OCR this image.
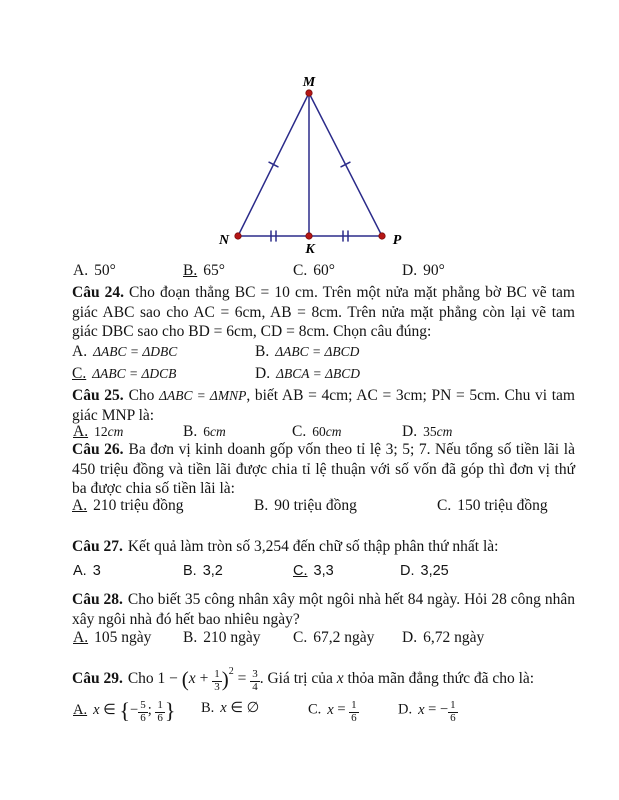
M
N
K
P
A. 50°	B. 65°	C. 60°	D. 90°
Câu 24. Cho đoạn thẳng BC = 10 cm. Trên một nửa mặt phẳng bờ BC vẽ tam giác ABC sao cho AC = 6cm, AB = 8cm. Trên nửa mặt phẳng còn lại vẽ tam giác DBC sao cho BD = 6cm, CD = 8cm. Chọn câu đúng:
A. ΔABC = ΔDBC	B. ΔABC = ΔBCD
C. ΔABC = ΔDCB	D. ΔBCA = ΔBCD
Câu 25. Cho ΔABC = ΔMNP, biết AB = 4cm; AC = 3cm; PN = 5cm. Chu vi tam giác MNP là:
A. 12cm	B. 6cm	C. 60cm	D. 35cm
Câu 26. Ba đơn vị kinh doanh gốp vốn theo tỉ lệ 3; 5; 7. Nếu tổng số tiền lãi là 450 triệu đồng và tiền lãi được chia tỉ lệ thuận với số vốn đã góp thì đơn vị thứ ba được chia số tiền lãi là:
A. 210 triệu đồng	B. 90 triệu đồng	C. 150 triệu đồng
Câu 27. Kết quả làm tròn số 3,254 đến chữ số thập phân thứ nhất là:
A. 3	B. 3,2	C. 3,3	D. 3,25
Câu 28. Cho biết 35 công nhân xây một ngôi nhà hết 84 ngày. Hỏi 28 công nhân xây ngôi nhà đó hết bao nhiêu ngày?
A. 105 ngày B. 210 ngày C. 67,2 ngày D. 6,72 ngày
Câu 29. Cho $1 - (x + \frac{1}{3} )^2 = \frac{3}{4}$ . Giá trị của x thỏa mãn đẳng thức đã cho là:
A. x ∈ {− $\frac{5}{6}$ ; $\frac{1}{6}$ } B. x ∈ ∅	C. $x = \frac{1}{6}$	D. x = − $\frac{1}{6}$
